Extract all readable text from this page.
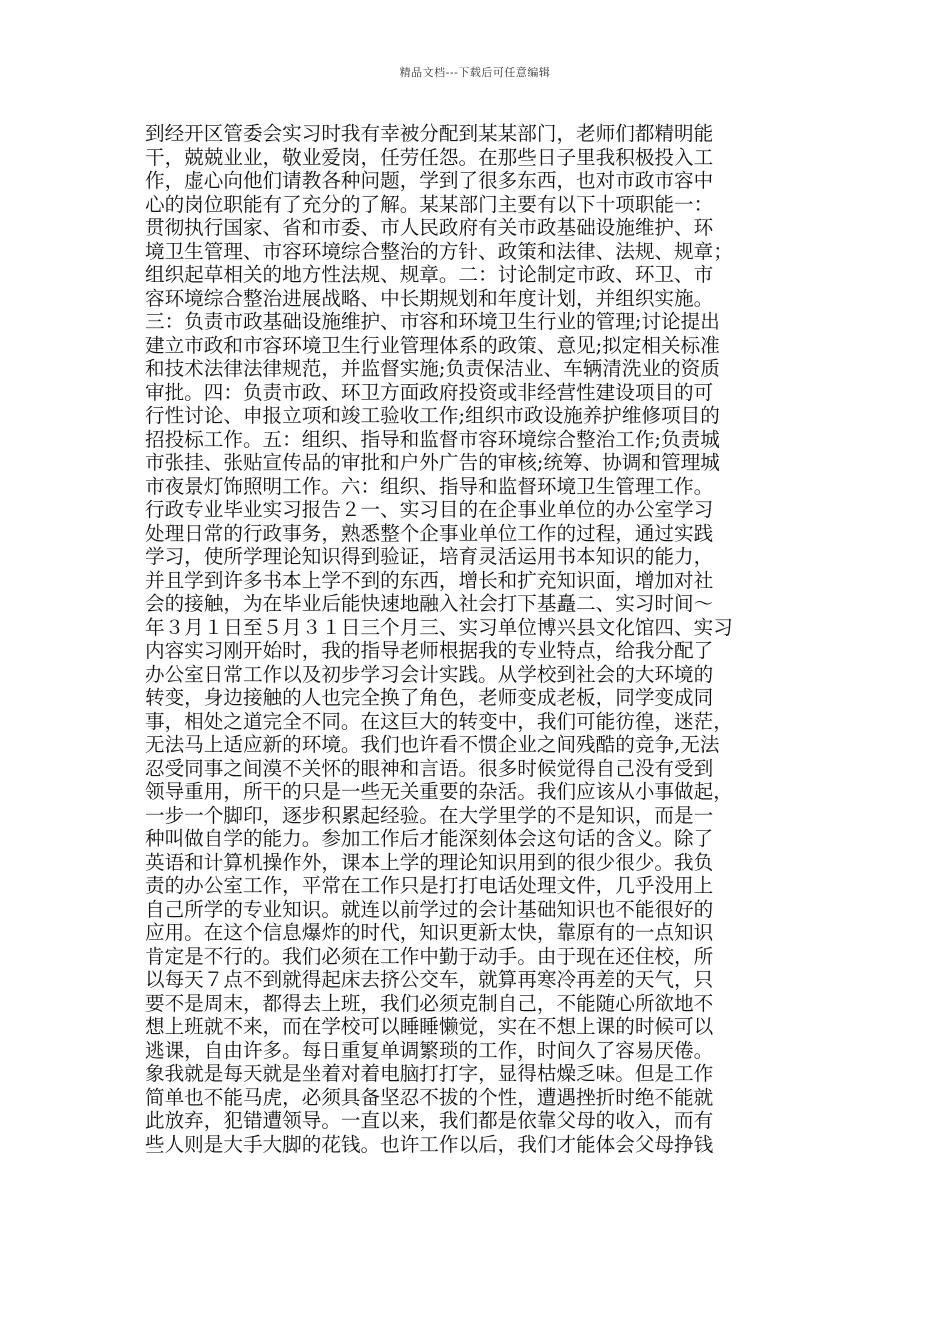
精品文档---下载后可任意编辑
到经开区管委会实习时我有幸被分配到某某部门，老师们都精明能
干，兢兢业业，敬业爱岗，任劳任怨。在那些日子里我积极投入工
作，虚心向他们请教各种问题，学到了很多东西，也对市政市容中
心的岗位职能有了充分的了解。某某部门主要有以下十项职能一：
贯彻执行国家、省和市委、市人民政府有关市政基础设施维护、环
境卫生管理、市容环境综合整治的方针、政策和法律、法规、规章；
组织起草相关的地方性法规、规章。二：讨论制定市政、环卫、市
容环境综合整治进展战略、中长期规划和年度计划，并组织实施。
三：负责市政基础设施维护、市容和环境卫生行业的管理;讨论提出
建立市政和市容环境卫生行业管理体系的政策、意见;拟定相关标准
和技术法律法律规范，并监督实施;负责保洁业、车辆清洗业的资质
审批。四：负责市政、环卫方面政府投资或非经营性建设项目的可
行性讨论、申报立项和竣工验收工作;组织市政设施养护维修项目的
招投标工作。五：组织、指导和监督市容环境综合整治工作;负责城
市张挂、张贴宣传品的审批和户外广告的审核;统筹、协调和管理城
市夜景灯饰照明工作。六：组织、指导和监督环境卫生管理工作。
行政专业毕业实习报告２一、实习目的在企事业单位的办公室学习
处理日常的行政事务，熟悉整个企事业单位工作的过程，通过实践
学习，使所学理论知识得到验证，培育灵活运用书本知识的能力，
并且学到许多书本上学不到的东西，增长和扩充知识面，增加对社
会的接触，为在毕业后能快速地融入社会打下基矗二、实习时间～
年３月１日至５月３１日三个月三、实习单位博兴县文化馆四、实习
内容实习刚开始时，我的指导老师根据我的专业特点，给我分配了
办公室日常工作以及初步学习会计实践。从学校到社会的大环境的
转变，身边接触的人也完全换了角色，老师变成老板，同学变成同
事，相处之道完全不同。在这巨大的转变中，我们可能彷徨，迷茫，
无法马上适应新的环境。我们也许看不惯企业之间残酷的竞争,无法
忍受同事之间漠不关怀的眼神和言语。很多时候觉得自己没有受到
领导重用，所干的只是一些无关重要的杂活。我们应该从小事做起，
一步一个脚印，逐步积累起经验。在大学里学的不是知识，而是一
种叫做自学的能力。参加工作后才能深刻体会这句话的含义。除了
英语和计算机操作外，课本上学的理论知识用到的很少很少。我负
责的办公室工作，平常在工作只是打打电话处理文件，几乎没用上
自己所学的专业知识。就连以前学过的会计基础知识也不能很好的
应用。在这个信息爆炸的时代，知识更新太快，靠原有的一点知识
肯定是不行的。我们必须在工作中勤于动手。由于现在还住校，所
以每天７点不到就得起床去挤公交车，就算再寒冷再差的天气，只
要不是周末，都得去上班，我们必须克制自己，不能随心所欲地不
想上班就不来，而在学校可以睡睡懒觉，实在不想上课的时候可以
逃课，自由许多。每日重复单调繁琐的工作，时间久了容易厌倦。
象我就是每天就是坐着对着电脑打打字，显得枯燥乏味。但是工作
简单也不能马虎，必须具备坚忍不拔的个性，遭遇挫折时绝不能就
此放弃，犯错遭领导。一直以来，我们都是依靠父母的收入，而有
些人则是大手大脚的花钱。也许工作以后，我们才能体会父母挣钱
